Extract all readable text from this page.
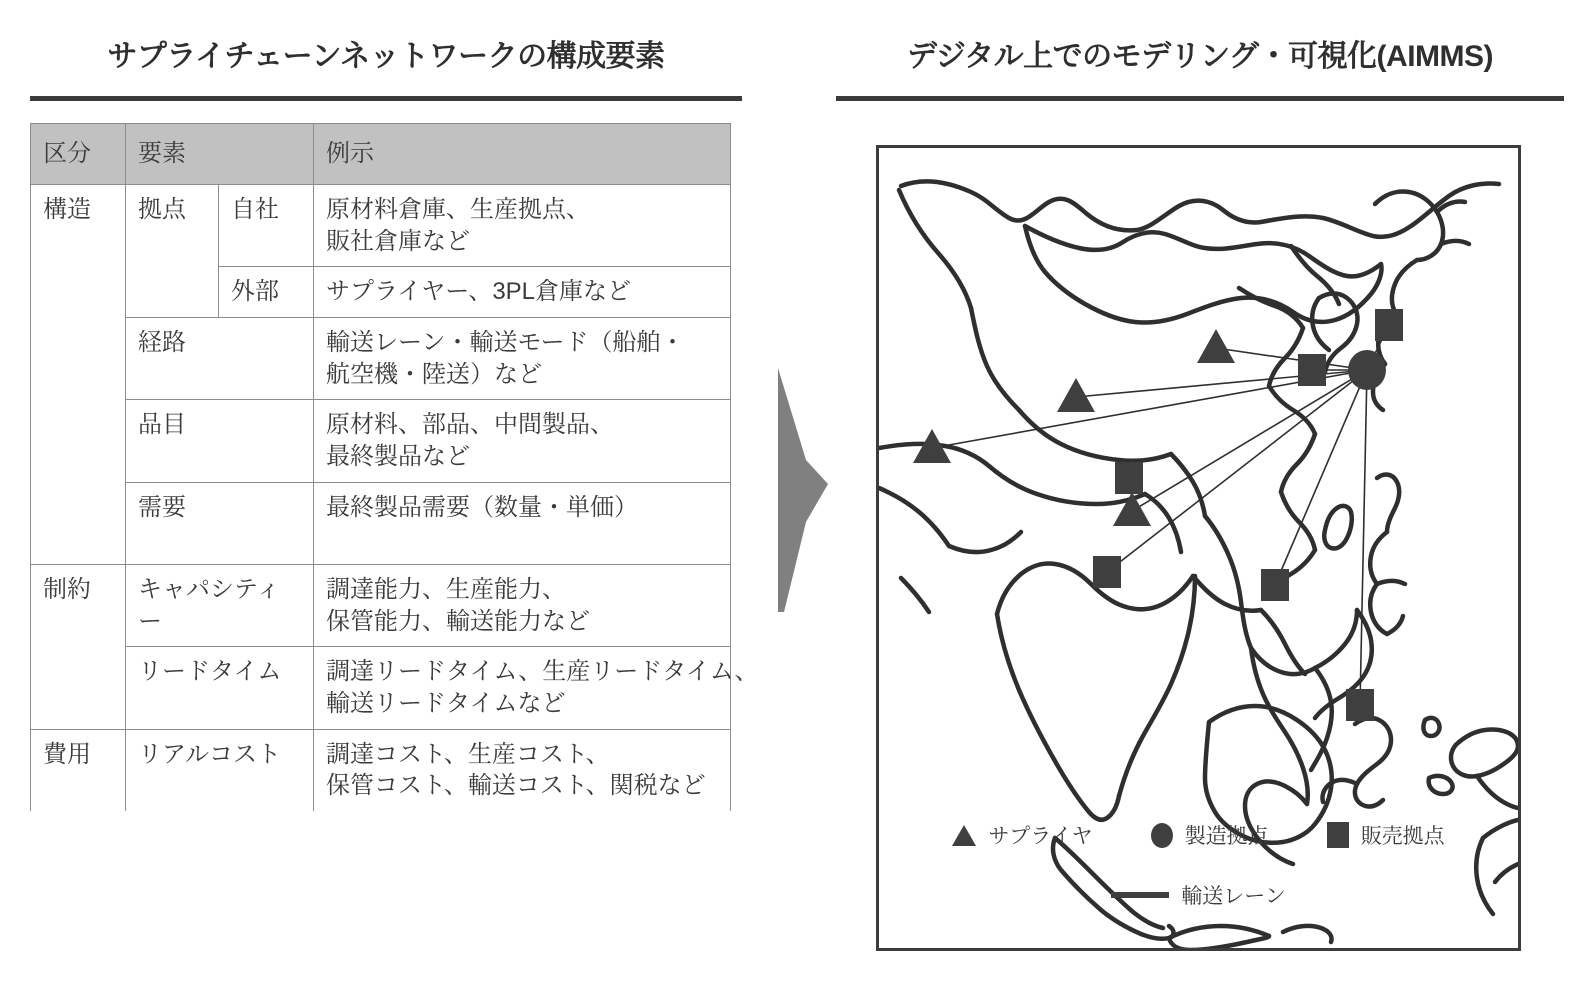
サプライチェーンネットワークの構成要素
区分	要素		例示
構造	拠点	自社	原材料倉庫、生産拠点、
販社倉庫など

		外部	サプライヤー、3PL倉庫など

	経路		輸送レーン・輸送モード（船舶・
航空機・陸送）など

	品目		原材料、部品、中間製品、
最終製品など

	需要		最終製品需要（数量・単価）

制約	キャパシティー		調達能力、生産能力、
保管能力、輸送能力など

	リードタイム		調達リードタイム、生産リードタイム、
輸送リードタイムなど

費用	リアルコスト		調達コスト、生産コスト、
保管コスト、輸送コスト、関税など
デジタル上でのモデリング・可視化(AIMMS)
サプライヤ	製造拠点	販売拠点
輸送レーン
